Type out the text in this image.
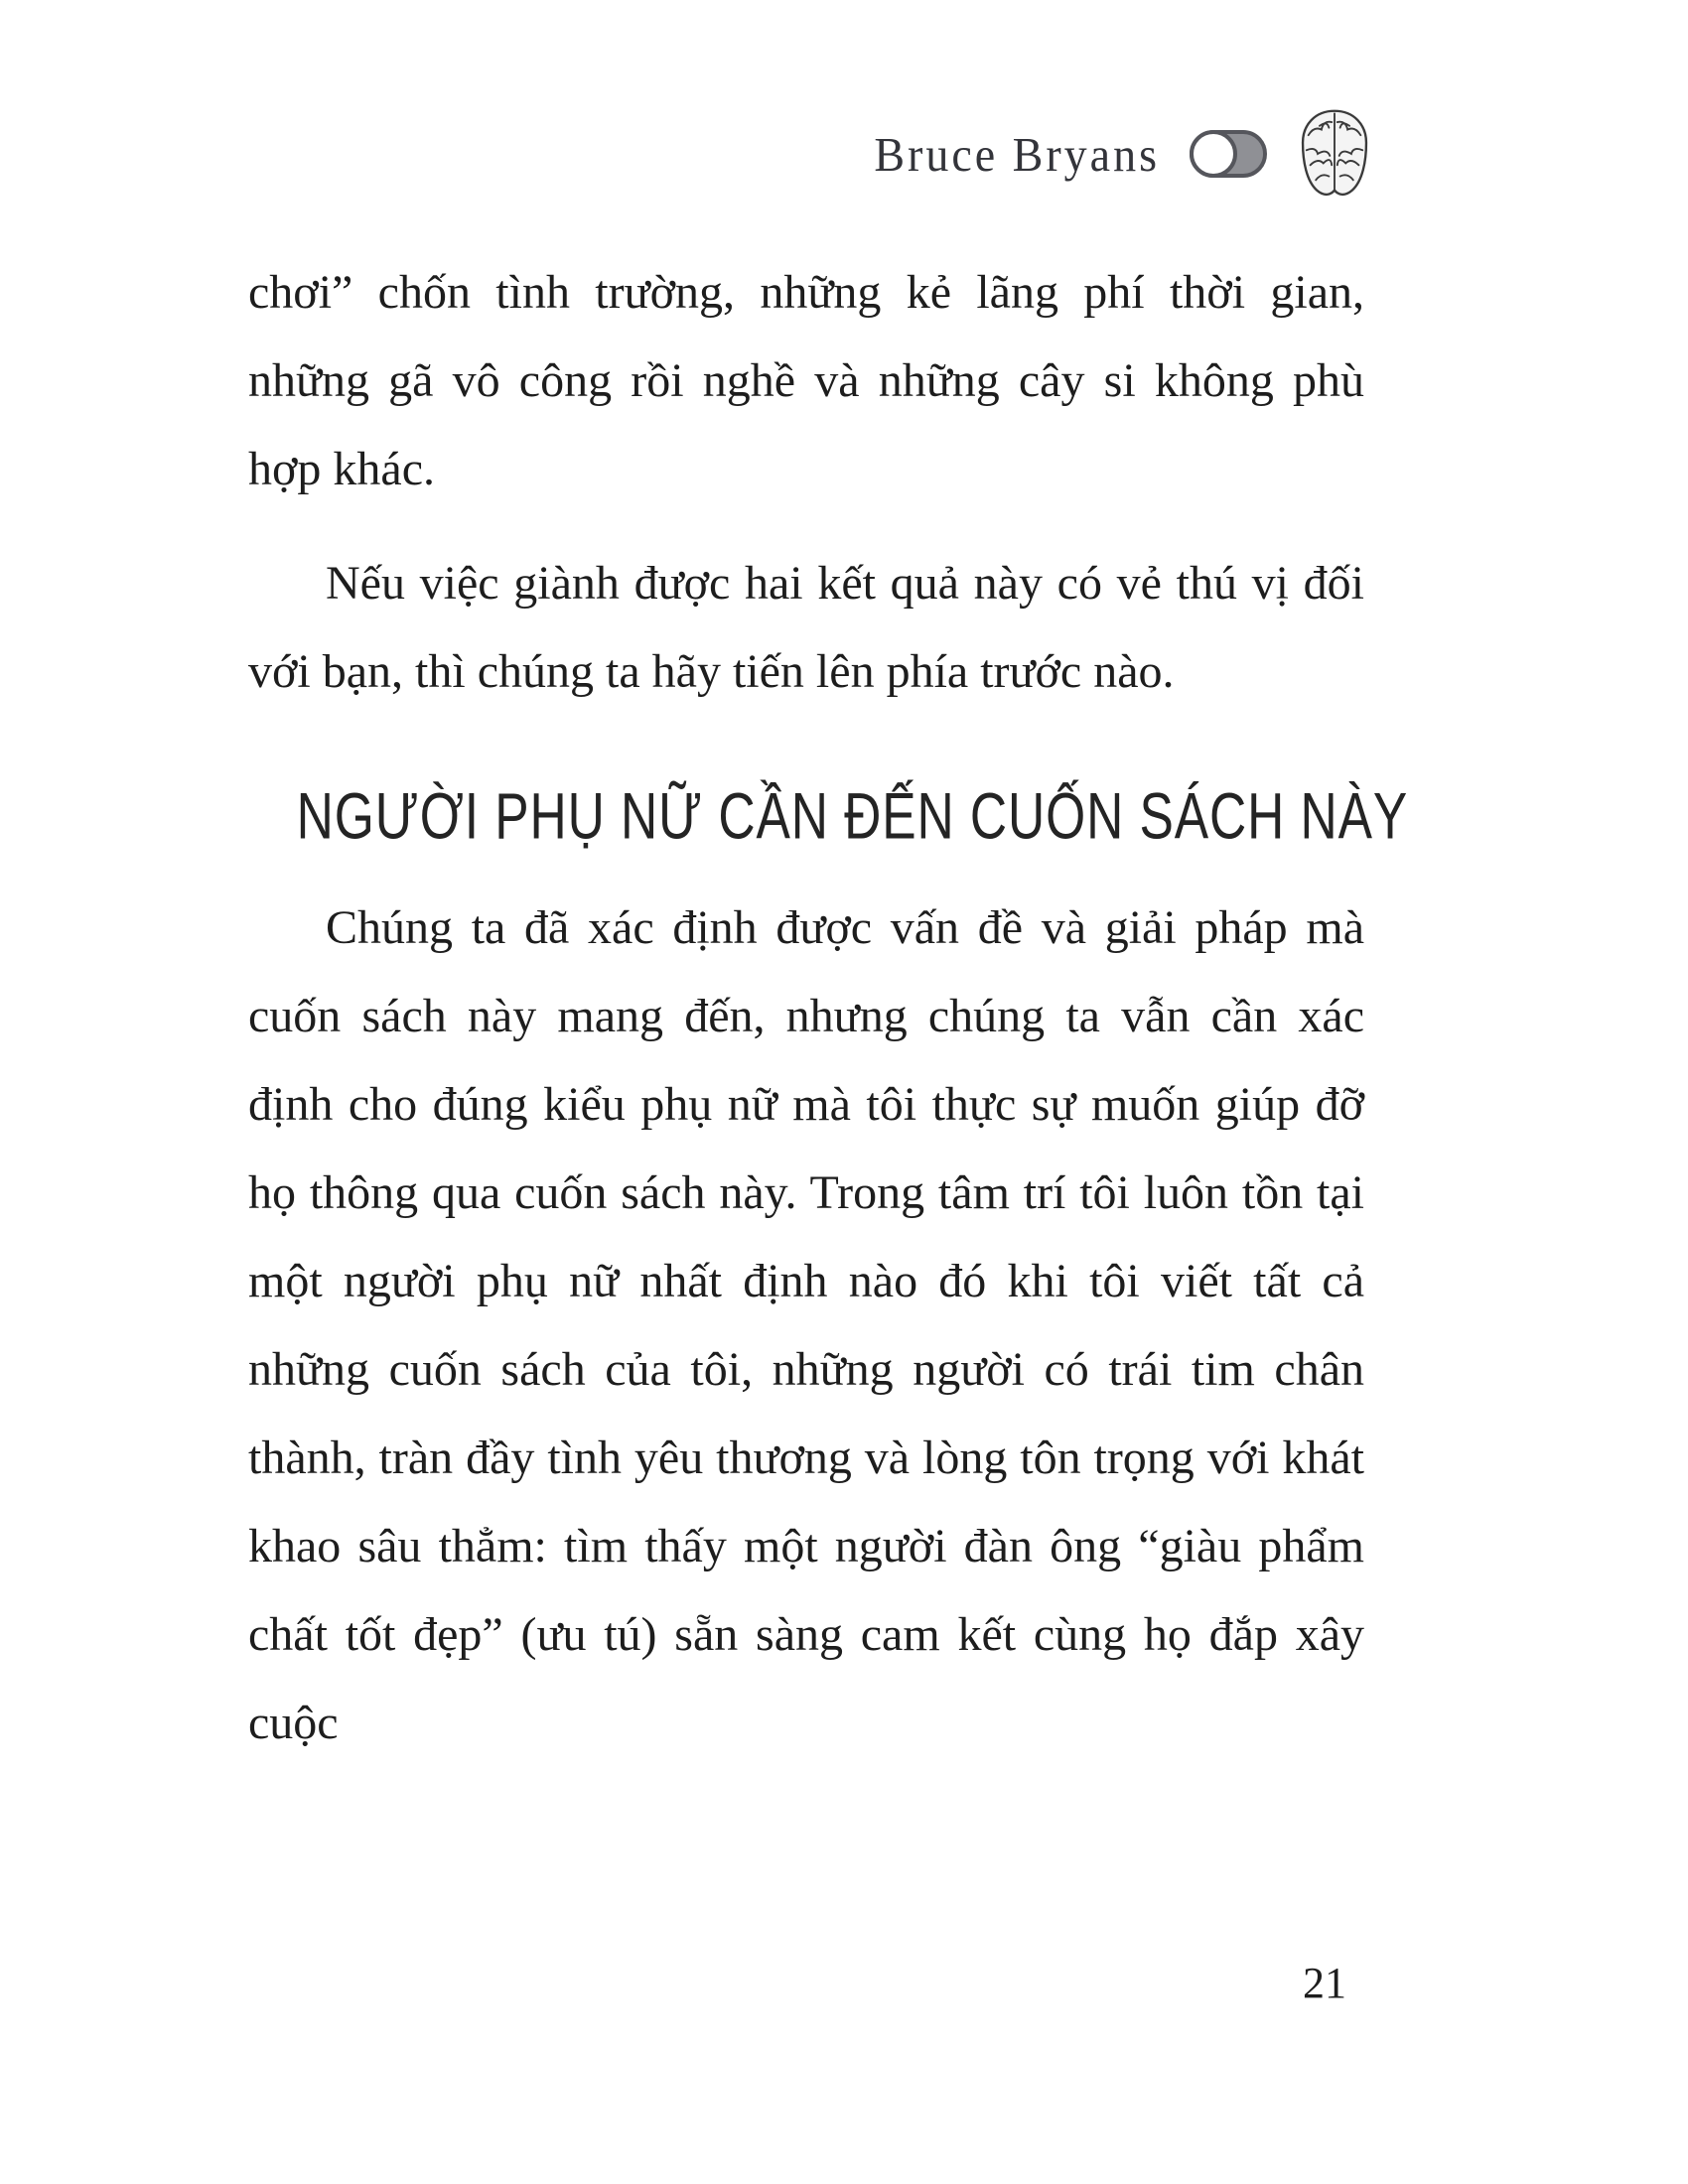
Bruce Bryans

chơi” chốn tình trường, những kẻ lãng phí thời gian, những gã vô công rồi nghề và những cây si không phù hợp khác.

Nếu việc giành được hai kết quả này có vẻ thú vị đối với bạn, thì chúng ta hãy tiến lên phía trước nào.

NGƯỜI PHỤ NỮ CẦN ĐẾN CUỐN SÁCH NÀY

Chúng ta đã xác định được vấn đề và giải pháp mà cuốn sách này mang đến, nhưng chúng ta vẫn cần xác định cho đúng kiểu phụ nữ mà tôi thực sự muốn giúp đỡ họ thông qua cuốn sách này. Trong tâm trí tôi luôn tồn tại một người phụ nữ nhất định nào đó khi tôi viết tất cả những cuốn sách của tôi, những người có trái tim chân thành, tràn đầy tình yêu thương và lòng tôn trọng với khát khao sâu thẳm: tìm thấy một người đàn ông “giàu phẩm chất tốt đẹp” (ưu tú) sẵn sàng cam kết cùng họ đắp xây cuộc

21
